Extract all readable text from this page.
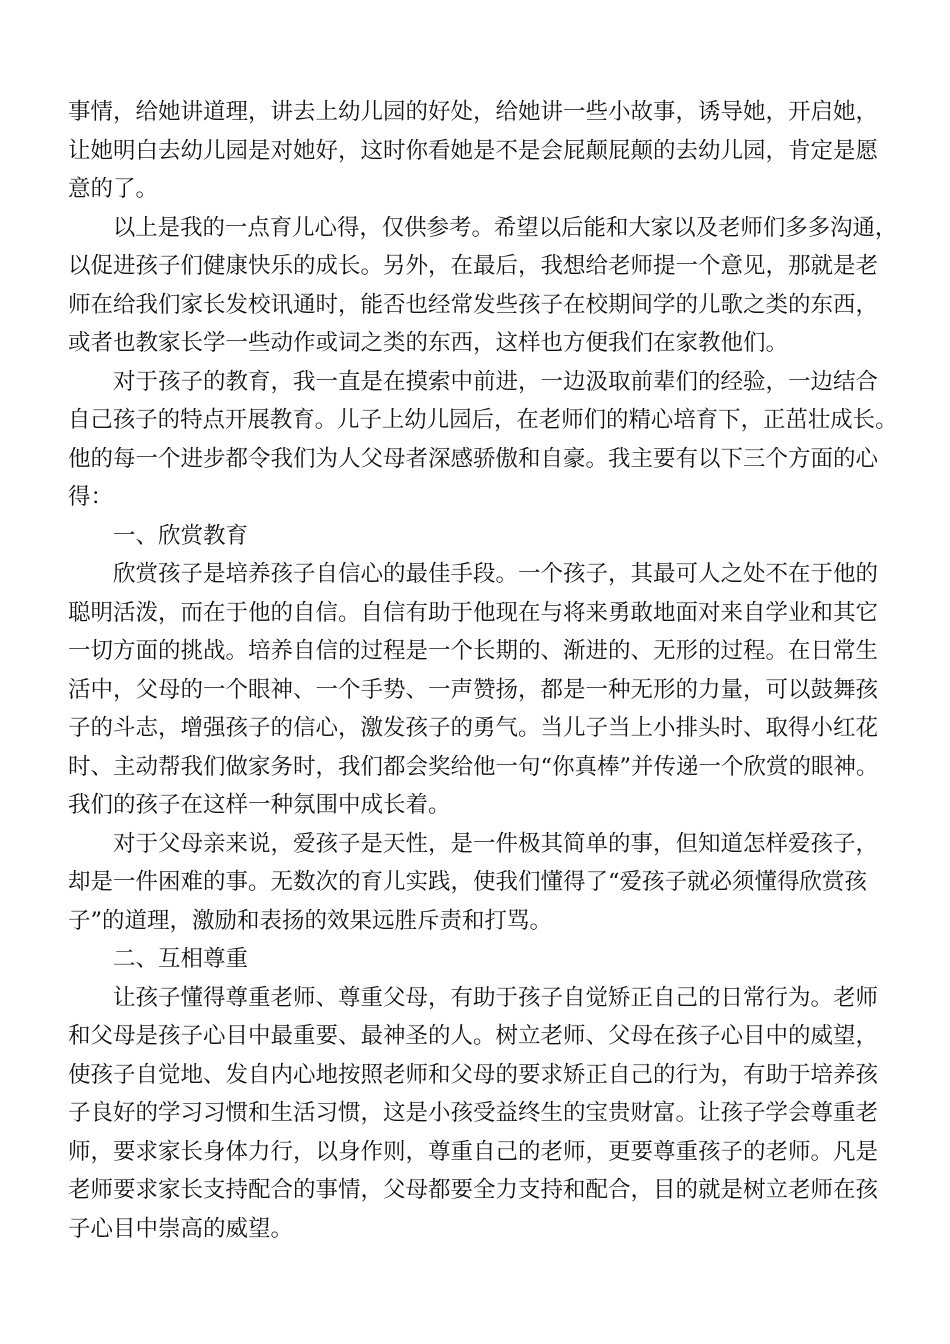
事情，给她讲道理，讲去上幼儿园的好处，给她讲一些小故事，诱导她，开启她，
让她明白去幼儿园是对她好，这时你看她是不是会屁颠屁颠的去幼儿园，肯定是愿
意的了。
以上是我的一点育儿心得，仅供参考。希望以后能和大家以及老师们多多沟通，
以促进孩子们健康快乐的成长。另外，在最后，我想给老师提一个意见，那就是老
师在给我们家长发校讯通时，能否也经常发些孩子在校期间学的儿歌之类的东西，
或者也教家长学一些动作或词之类的东西，这样也方便我们在家教他们。
对于孩子的教育，我一直是在摸索中前进，一边汲取前辈们的经验，一边结合
自己孩子的特点开展教育。儿子上幼儿园后，在老师们的精心培育下，正茁壮成长。
他的每一个进步都令我们为人父母者深感骄傲和自豪。我主要有以下三个方面的心
得：
一、欣赏教育
欣赏孩子是培养孩子自信心的最佳手段。一个孩子，其最可人之处不在于他的
聪明活泼，而在于他的自信。自信有助于他现在与将来勇敢地面对来自学业和其它
一切方面的挑战。培养自信的过程是一个长期的、渐进的、无形的过程。在日常生
活中，父母的一个眼神、一个手势、一声赞扬，都是一种无形的力量，可以鼓舞孩
子的斗志，增强孩子的信心，激发孩子的勇气。当儿子当上小排头时、取得小红花
时、主动帮我们做家务时，我们都会奖给他一句“你真棒”并传递一个欣赏的眼神。
我们的孩子在这样一种氛围中成长着。
对于父母亲来说，爱孩子是天性，是一件极其简单的事，但知道怎样爱孩子，
却是一件困难的事。无数次的育儿实践，使我们懂得了“爱孩子就必须懂得欣赏孩
子”的道理，激励和表扬的效果远胜斥责和打骂。
二、互相尊重
让孩子懂得尊重老师、尊重父母，有助于孩子自觉矫正自己的日常行为。老师
和父母是孩子心目中最重要、最神圣的人。树立老师、父母在孩子心目中的威望，
使孩子自觉地、发自内心地按照老师和父母的要求矫正自己的行为，有助于培养孩
子良好的学习习惯和生活习惯，这是小孩受益终生的宝贵财富。让孩子学会尊重老
师，要求家长身体力行，以身作则，尊重自己的老师，更要尊重孩子的老师。凡是
老师要求家长支持配合的事情，父母都要全力支持和配合，目的就是树立老师在孩
子心目中崇高的威望。
